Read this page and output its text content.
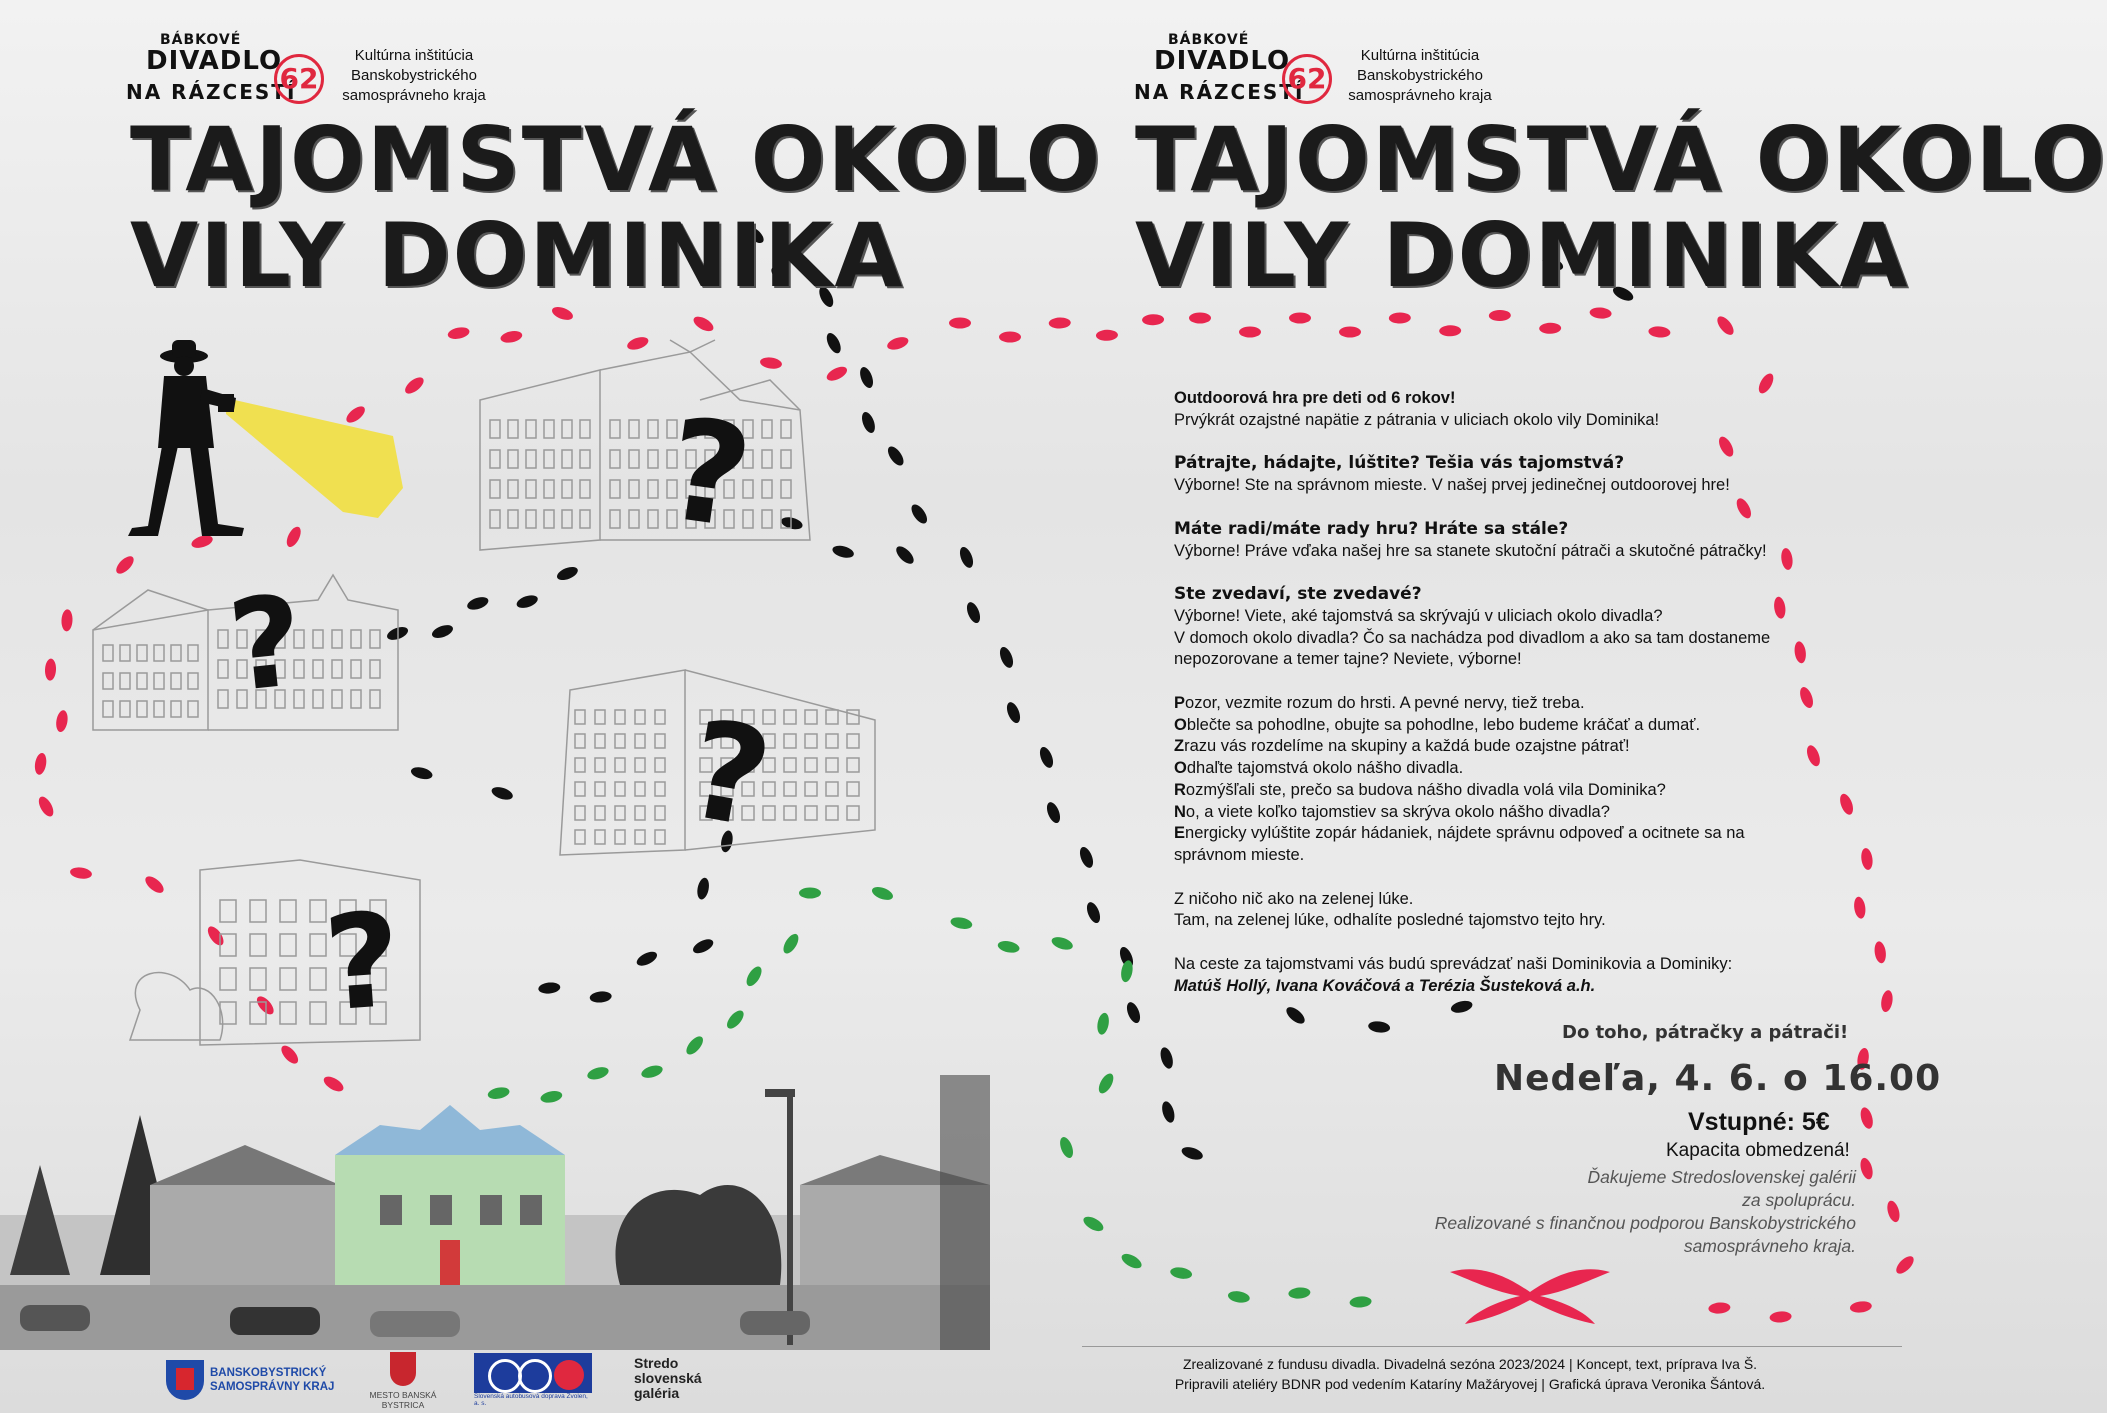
?
?
?
?
BÁBKOVÉ
DIVADLO
NA RÁZCESTÍ
62
Kultúrna inštitúcia
Banskobystrického
samosprávneho kraja
TAJOMSTVÁ OKOLO
VILY DOMINIKA
BÁBKOVÉ
DIVADLO
NA RÁZCESTÍ
62
Kultúrna inštitúcia
Banskobystrického
samosprávneho kraja
TAJOMSTVÁ OKOLO
VILY DOMINIKA

Outdoorová hra pre deti od 6 rokov!
Prvýkrát ozajstné napätie z pátrania v uliciach okolo vily Dominika!

Pátrajte, hádajte, lúštite? Tešia vás tajomstvá?
Výborne! Ste na správnom mieste. V našej prvej jedinečnej outdoorovej hre!

Máte radi/máte rady hru? Hráte sa stále?
Výborne! Práve vďaka našej hre sa stanete skutoční pátrači a skutočné pátračky!

Ste zvedaví, ste zvedavé?
Výborne! Viete, aké tajomstvá sa skrývajú v uliciach okolo divadla?
V domoch okolo divadla? Čo sa nachádza pod divadlom a ako sa tam dostaneme
nepozorovane a temer tajne? Neviete, výborne!

Pozor, vezmite rozum do hrsti. A pevné nervy, tiež treba.
Oblečte sa pohodlne, obujte sa pohodlne, lebo budeme kráčať a dumať.
Zrazu vás rozdelíme na skupiny a každá bude ozajstne pátrať!
Odhaľte tajomstvá okolo nášho divadla.
Rozmýšľali ste, prečo sa budova nášho divadla volá vila Dominika?
No, a viete koľko tajomstiev sa skrýva okolo nášho divadla?
Energicky vylúštite zopár hádaniek, nájdete správnu odpoveď a ocitnete sa na
správnom mieste.

Z ničoho nič ako na zelenej lúke.
Tam, na zelenej lúke, odhalíte posledné tajomstvo tejto hry.

Na ceste za tajomstvami vás budú sprevádzať naši Dominikovia a Dominiky:
Matúš Hollý, Ivana Kováčová a Terézia Šusteková a.h.

Do toho, pátračky a pátrači!
Nedeľa, 4. 6. o 16.00
Vstupné: 5€
Kapacita obmedzená!
Ďakujeme Stredoslovenskej galérii
za spoluprácu.
Realizované s finančnou podporou Banskobystrického
samosprávneho kraja.
Zrealizované z fundusu divadla. Divadelná sezóna 2023/2024 | Koncept, text, príprava Iva Š.
Pripravili ateliéry BDNR pod vedením Kataríny Mažáryovej | Grafická úprava Veronika Šántová.
BANSKOBYSTRICKÝ
SAMOSPRÁVNY KRAJ
MESTO BANSKÁ BYSTRICA
Slovenská autobusová doprava Zvolen, a. s.
Stredo
slovenská
galéria
